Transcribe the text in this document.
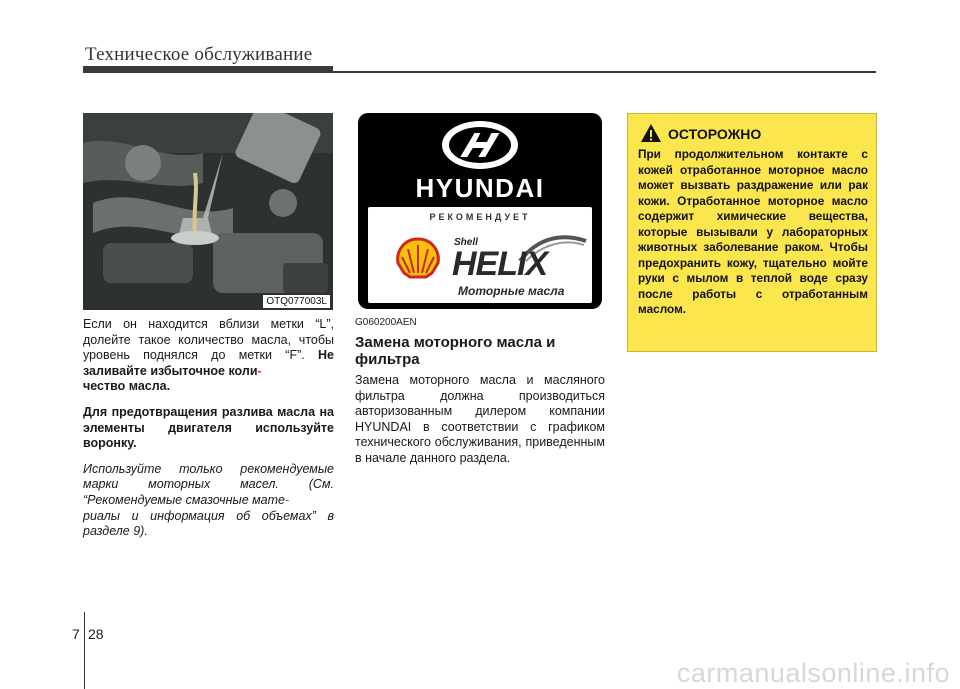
Техническое обслуживание
OTQ077003L

Если он находится вблизи метки “L”, долейте такое количество масла, чтобы уровень поднялся до метки “F”. Не заливайте избыточное коли-
чество масла.

Для предотвращения разлива масла на элементы двигателя используйте воронку.

Используйте только рекомендуемые марки моторных масел. (См. “Рекомендуемые смазочные мате-
риалы и информация об объемах” в разделе 9).

HYUNDAI
РЕКОМЕНДУЕТ
Shell
HELIX
Моторные масла
G060200AEN
Замена моторного масла и фильтра

Замена моторного масла и масляного фильтра должна производиться авторизованным дилером компании HYUNDAI в соответствии с графиком технического обслуживания, приведенным в начале данного раздела.

ОСТОРОЖНО
При продолжительном контакте с кожей отработанное моторное масло может вызвать раздражение или рак кожи. Отработанное моторное масло содержит химические вещества, которые вызывали у лабораторных животных заболевание раком. Чтобы предохранить кожу, тщательно мойте руки с мылом в теплой воде сразу после работы с отработанным маслом.
7 28
carmanualsonline.info
